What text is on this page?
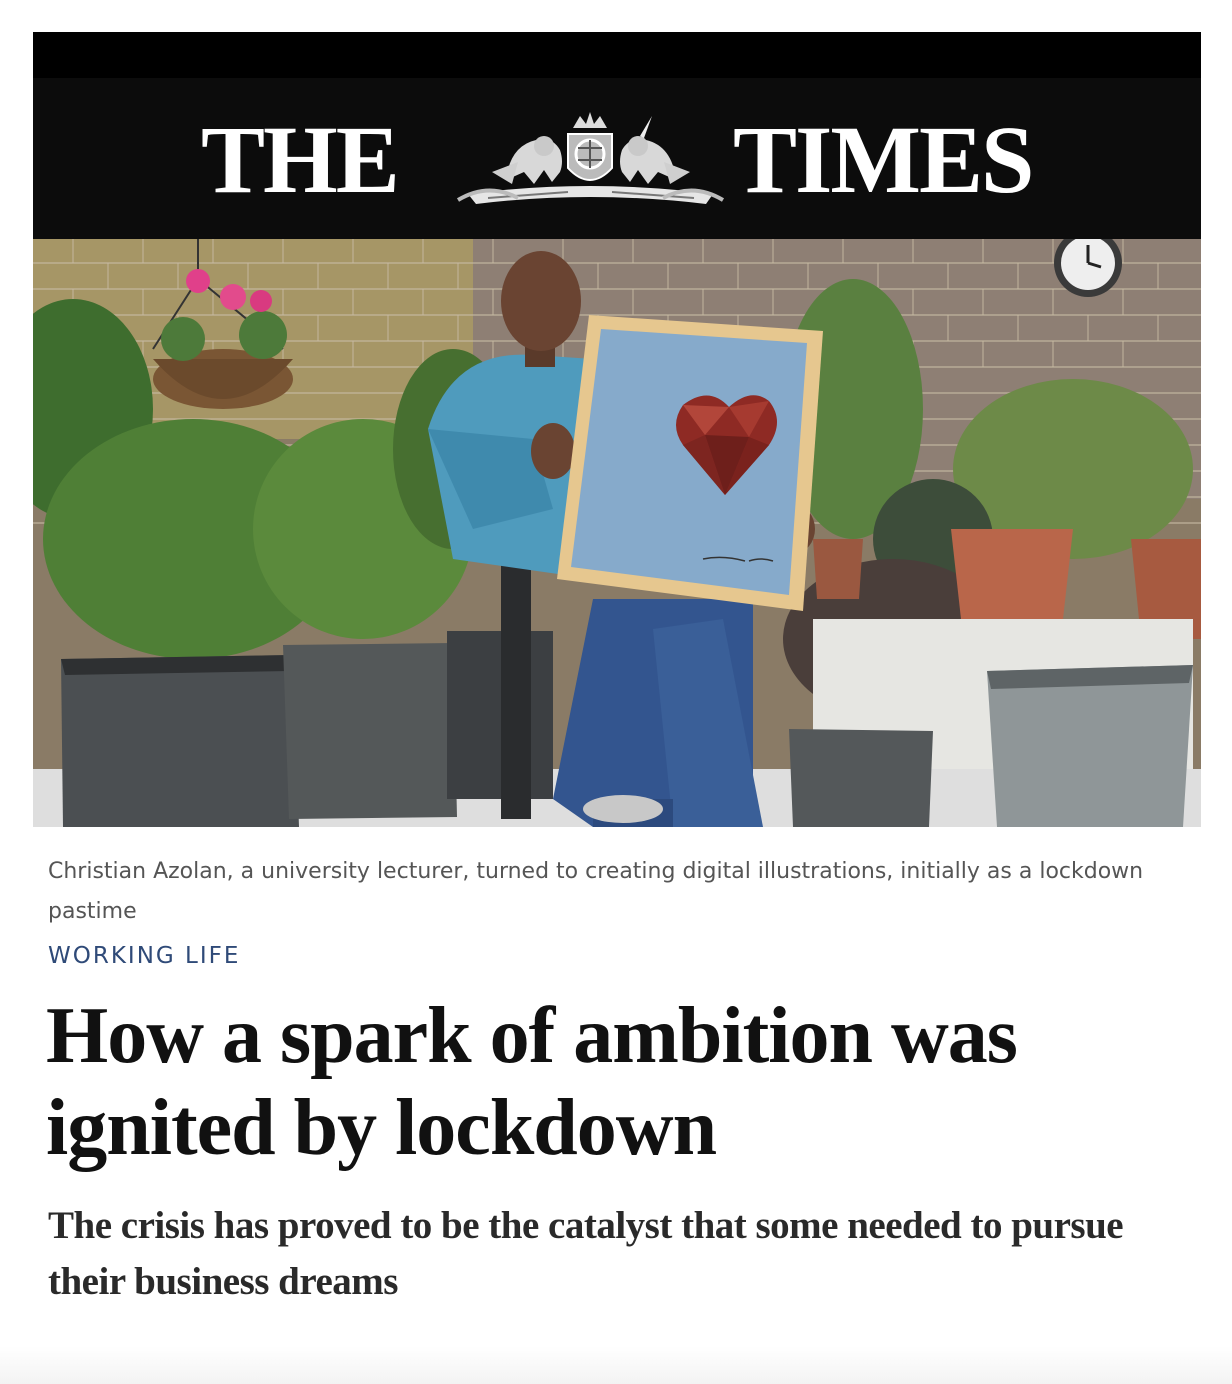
THE	TIMES
Christian Azolan, a university lecturer, turned to creating digital illustrations, initially as a lockdown pastime
WORKING LIFE
How a spark of ambition was ignited by lockdown
The crisis has proved to be the catalyst that some needed to pursue their business dreams
